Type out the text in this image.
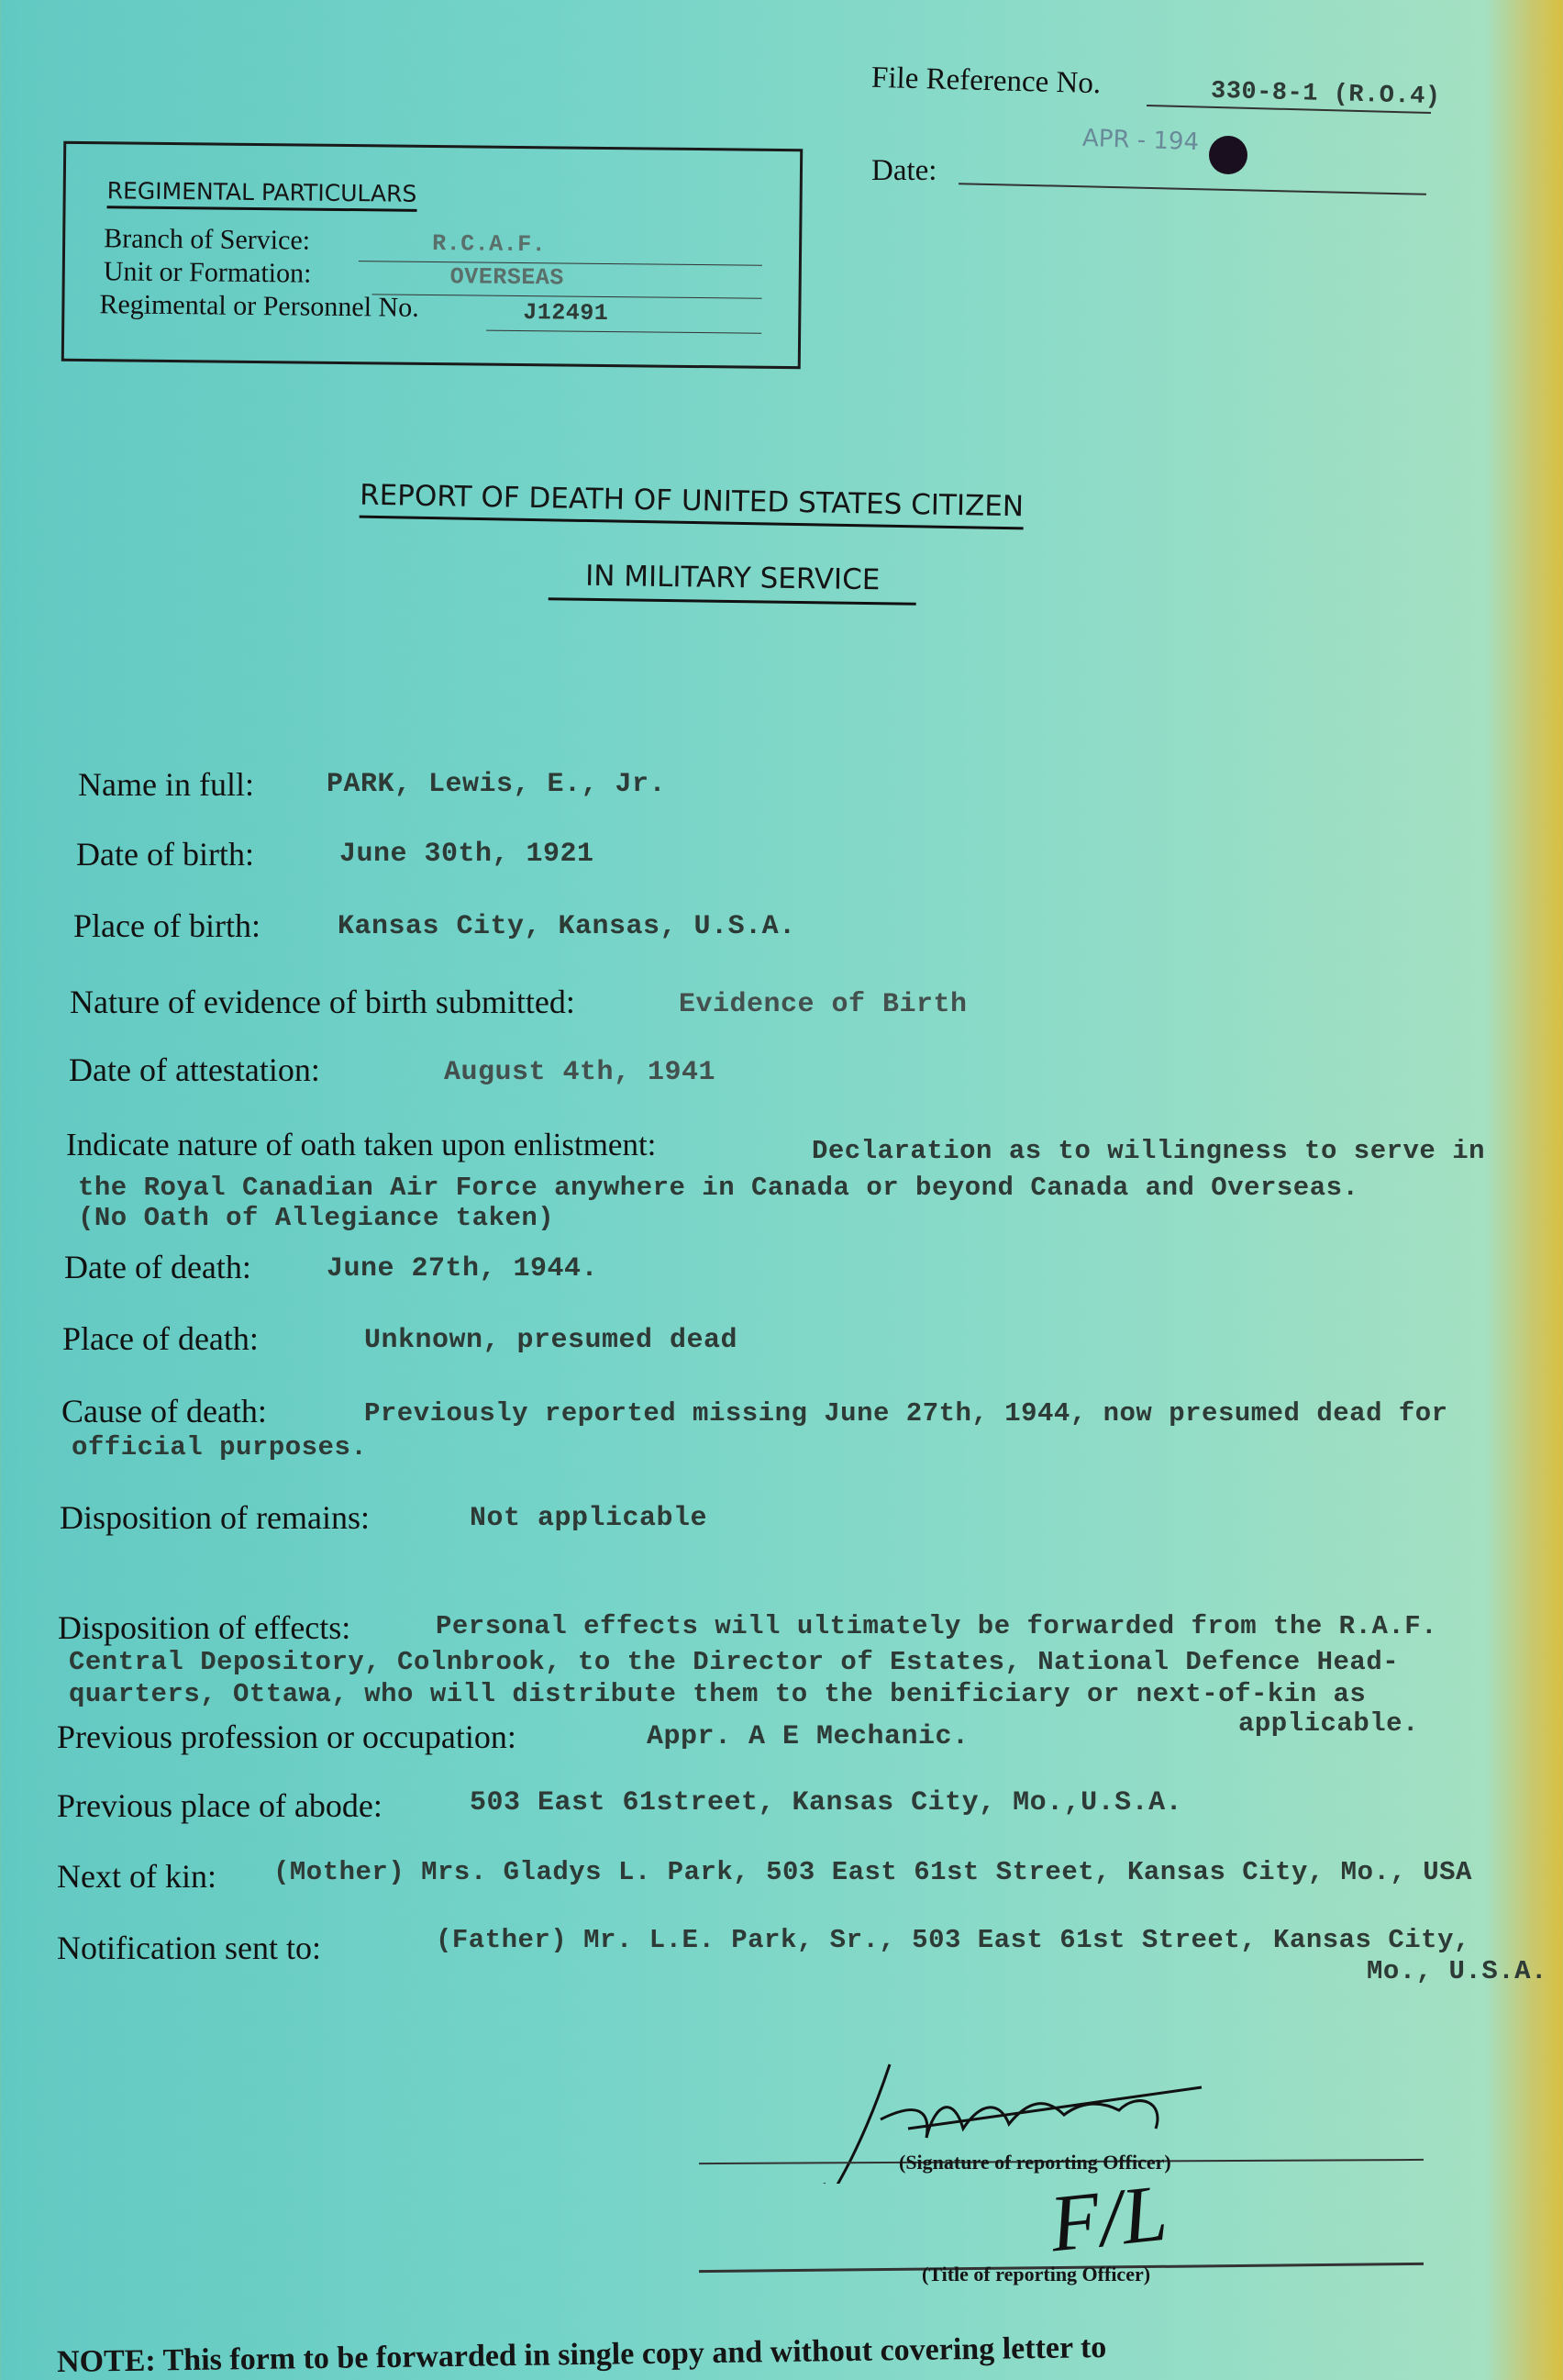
File Reference No.	330-8-1 (R.O.4)
Date:
APR - 194
REGIMENTAL PARTICULARS
Branch of Service:	R.C.A.F.
Unit or Formation:	OVERSEAS
Regimental or Personnel No.	J12491
REPORT OF DEATH OF UNITED STATES CITIZEN
IN MILITARY SERVICE
Name in full:	PARK, Lewis, E., Jr.
Date of birth:	June 30th, 1921
Place of birth:	Kansas City, Kansas, U.S.A.
Nature of evidence of birth submitted:	Evidence of Birth
Date of attestation:	August 4th, 1941
Indicate nature of oath taken upon enlistment:	Declaration as to willingness to serve in
the Royal Canadian Air Force anywhere in Canada or beyond Canada and Overseas.
(No Oath of Allegiance taken)
Date of death:	June 27th, 1944.
Place of death:	Unknown, presumed dead
Cause of death:	Previously reported missing June 27th, 1944, now presumed dead for
official purposes.
Disposition of remains:	Not applicable
Disposition of effects:	Personal effects will ultimately be forwarded from the R.A.F.
Central Depository, Colnbrook, to the Director of Estates, National Defence Head-
quarters, Ottawa, who will distribute them to the benificiary or next-of-kin as
applicable.
Previous profession or occupation:	Appr. A E Mechanic.
Previous place of abode:	503 East 61street, Kansas City, Mo.,U.S.A.
Next of kin: (Mother) Mrs. Gladys L. Park, 503 East 61st Street, Kansas City, Mo., USA
Notification sent to:	(Father) Mr. L.E. Park, Sr., 503 East 61st Street, Kansas City,
Mo., U.S.A.
(Signature of reporting Officer)
F/L
(Title of reporting Officer)
NOTE: This form to be forwarded in single copy and without covering letter to
